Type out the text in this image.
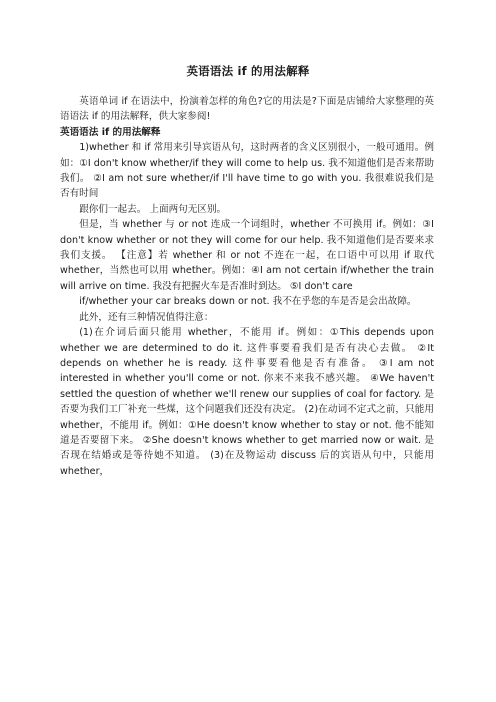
英语语法 if 的用法解释

英语单词 if 在语法中，扮演着怎样的角色?它的用法是?下面是店铺给大家整理的英语语法 if 的用法解释，供大家参阅!

英语语法 if 的用法解释

1)whether 和 if 常用来引导宾语从句，这时两者的含义区别很小，一般可通用。例如：①I don't know whether/if they will come to help us. 我不知道他们是否来帮助我们。 ②I am not sure whether/if I'll have time to go with you. 我很难说我们是否有时间

跟你们一起去。 上面两句无区别。

但是，当 whether 与 or not 连成一个词组时，whether 不可换用 if。例如：③I don't know whether or not they will come for our help. 我不知道他们是否要来求我们支援。 【注意】若 whether 和 or not 不连在一起，在口语中可以用 if 取代 whether，当然也可以用 whether。例如：④I am not certain if/whether the train will arrive on time. 我没有把握火车是否准时到达。 ⑤I don't care

if/whether your car breaks down or not. 我不在乎您的车是否是会出故障。

此外，还有三种情况值得注意：

(1)在介词后面只能用 whether，不能用 if。例如：①This depends upon whether we are determined to do it. 这件事要看我们是否有决心去做。 ②It depends on whether he is ready. 这件事要看他是否有准备。 ③I am not interested in whether you'll come or not. 你来不来我不感兴趣。 ④We haven't settled the question of whether we'll renew our supplies of coal for factory. 是否要为我们工厂补充一些煤，这个问题我们还没有决定。 (2)在动词不定式之前，只能用 whether，不能用 if。例如：①He doesn't know whether to stay or not. 他不能知道是否要留下来。 ②She doesn't knows whether to get married now or wait. 是否现在结婚或是等待她不知道。 (3)在及物运动 discuss 后的宾语从句中，只能用 whether，
